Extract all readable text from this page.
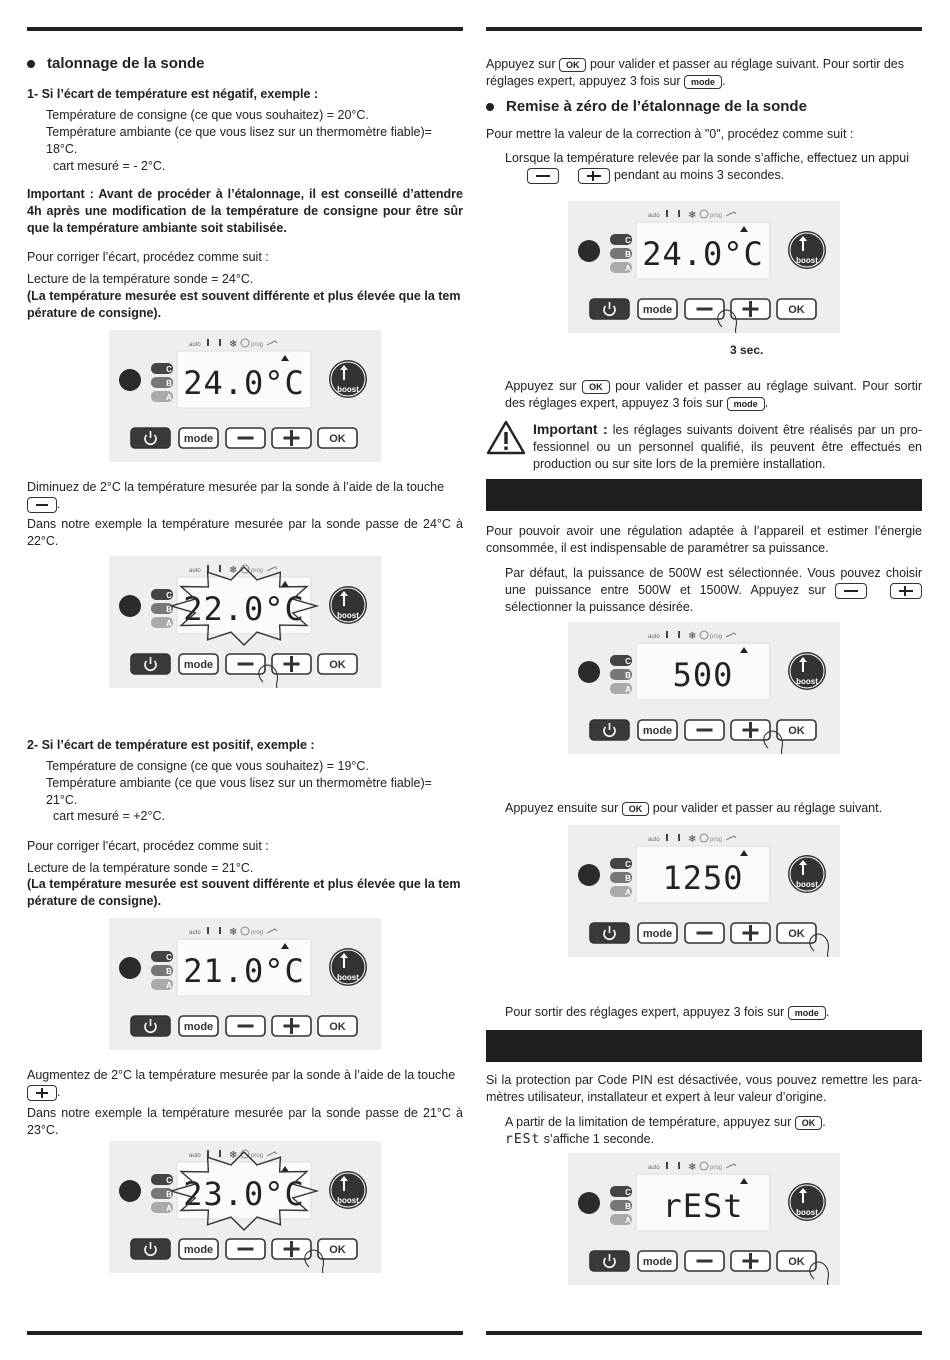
talonnage de la sonde

1- Si l’écart de température est négatif, exemple :

Température de consigne (ce que vous souhaitez) = 20°C.

Température ambiante (ce que vous lisez sur un thermomètre fiable)= 18°C.

cart mesuré = - 2°C.

Important : Avant de procéder à l’étalonnage, il est conseillé d’attendre 4h après une modification de la température de consigne pour être sûr que la température ambiante soit stabilisée.

Pour corriger l’écart, procédez comme suit :

Lecture de la température sonde = 24°C.

(La température mesurée est souvent différente et plus élevée que la tem pérature de consigne).

Diminuez de 2°C la température mesurée par la sonde à l’aide de la touche

.

Dans notre exemple la température mesurée par la sonde passe de 24°C à 22°C.

2- Si l’écart de température est positif, exemple :

Température de consigne (ce que vous souhaitez) = 19°C.

Température ambiante (ce que vous lisez sur un thermomètre fiable)= 21°C.

cart mesuré = +2°C.

Pour corriger l’écart, procédez comme suit :

Lecture de la température sonde = 21°C.

(La température mesurée est souvent différente et plus élevée que la tem pérature de consigne).

Augmentez de 2°C la température mesurée par la sonde à l’aide de la touche

.

Dans notre exemple la température mesurée par la sonde passe de 21°C à 23°C.

Appuyez sur OK pour valider et passer au réglage suivant. Pour sortir des réglages expert, appuyez 3 fois sur mode .

Remise à zéro de l’étalonnage de la sonde

Pour mettre la valeur de la correction à "0", procédez comme suit :

Lorsque la température relevée par la sonde s’affiche, effectuez un appui

pendant au moins 3 secondes.

3 sec.

Appuyez sur OK pour valider et passer au réglage suivant. Pour sortir des réglages expert, appuyez 3 fois sur mode .

Important : les réglages suivants doivent être réalisés par un pro- fessionnel ou un personnel qualifié, ils peuvent être effectués en production ou sur site lors de la première installation.

Pour pouvoir avoir une régulation adaptée à l’appareil et estimer l’énergie consommée, il est indispensable de paramétrer sa puissance.

Par défaut, la puissance de 500W est sélectionnée. Vous pouvez choisir une puissance entre 500W et 1500W. Appuyez sur

sélectionner la puissance désirée.

Appuyez ensuite sur OK pour valider et passer au réglage suivant.

Pour sortir des réglages expert, appuyez 3 fois sur mode .

Si la protection par Code PIN est désactivée, vous pouvez remettre les para- mètres utilisateur, installateur et expert à leur valeur d’origine.

A partir de la limitation de température, appuyez sur OK .
rESt s’affiche 1 seconde.

auto	❄ prog
C
B
A 24.0°C	boost
mode	OK
auto	❄ prog
C
B
A 22.0°C	boost
mode	OK
auto	❄ prog
C
B
A 21.0°C	boost
mode	OK
auto	❄ prog
C
B
A 23.0°C	boost
mode	OK
auto	❄ prog
C
B
A 24.0°C	boost
mode	OK
auto	❄ prog
C
B
A 500	boost
mode	OK
auto	❄ prog
C
B
A 1250	boost
mode	OK
auto	❄ prog
C
B
A rESt	boost
mode	OK
